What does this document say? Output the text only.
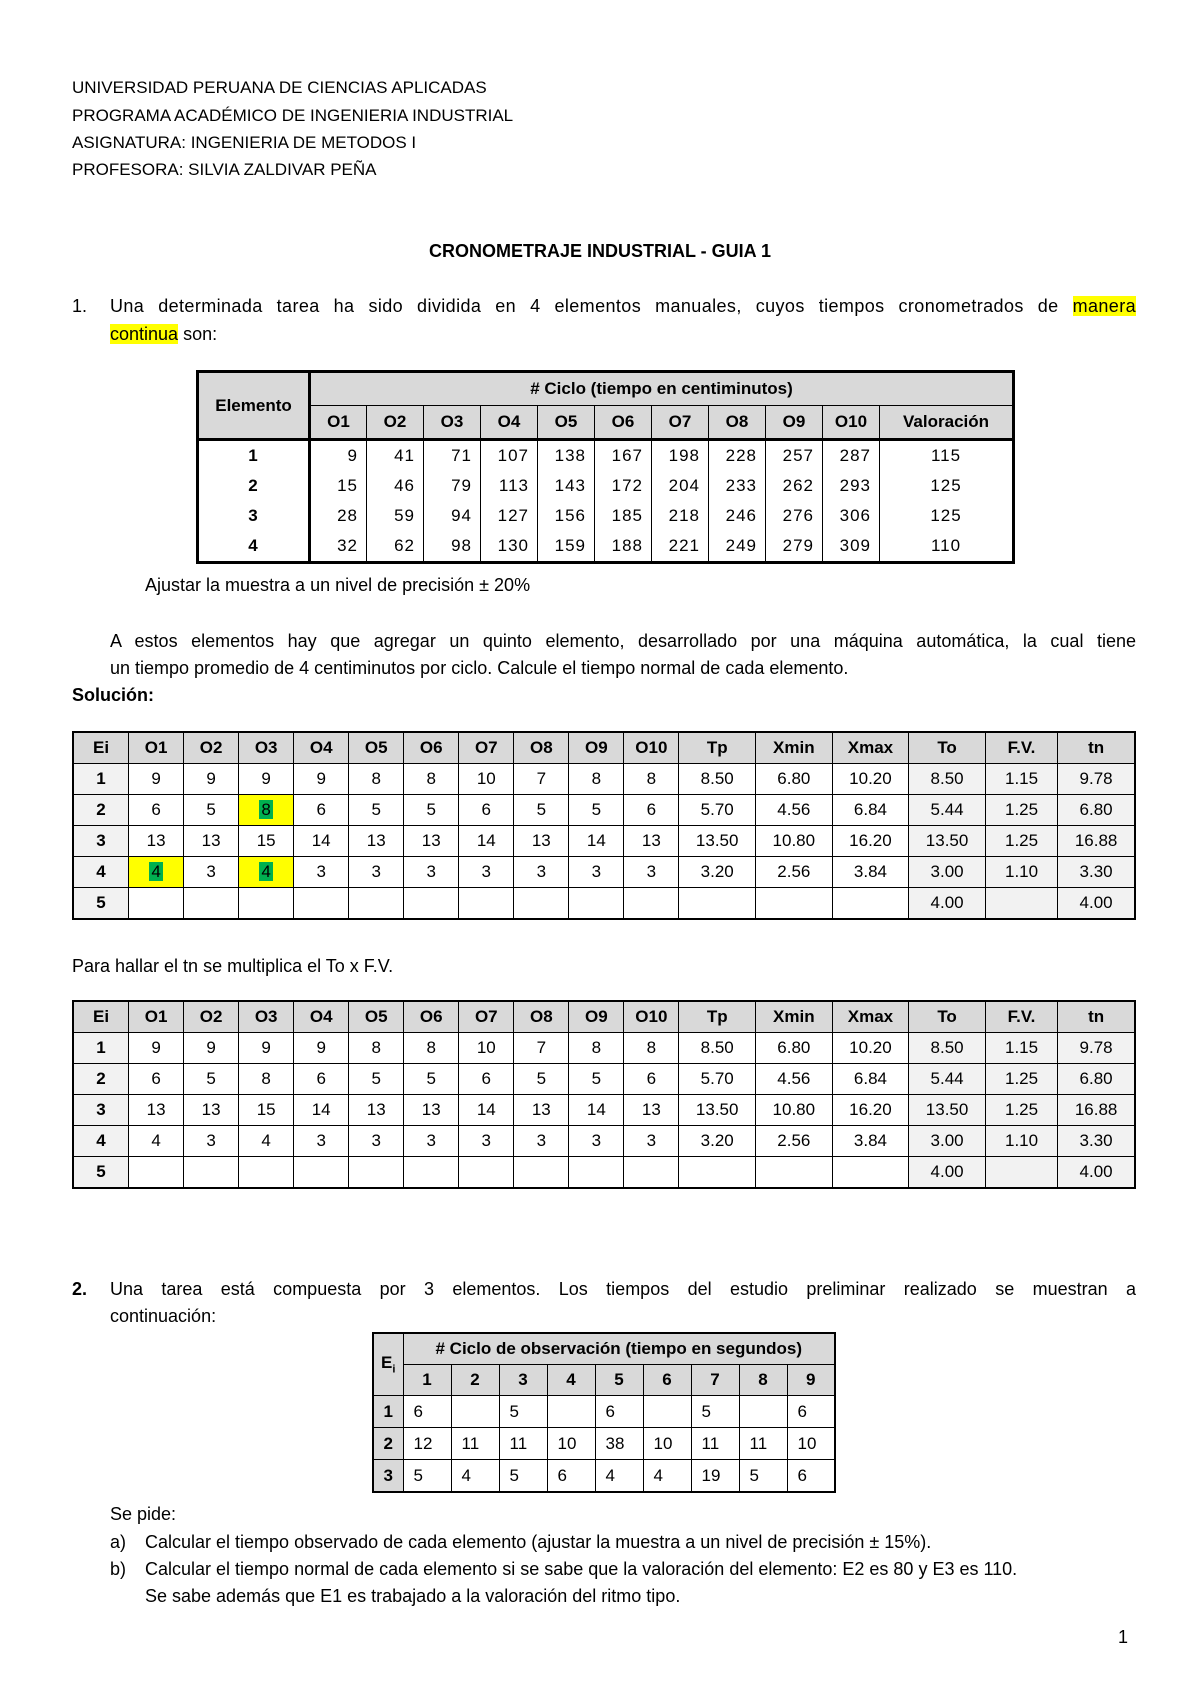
UNIVERSIDAD PERUANA DE CIENCIAS APLICADAS
PROGRAMA ACADÉMICO DE INGENIERIA INDUSTRIAL
ASIGNATURA: INGENIERIA DE METODOS I
PROFESORA: SILVIA ZALDIVAR PEÑA
CRONOMETRAJE INDUSTRIAL - GUIA 1
1. Una determinada tarea ha sido dividida en 4 elementos manuales, cuyos tiempos cronometrados de manera
continua son:
Elemento	# Ciclo (tiempo en centiminutos)										
	O1	O2	O3	O4	O5	O6	O7	O8	O9	O10	Valoración
1	9	41	71	107	138	167	198	228	257	287	115
2	15	46	79	113	143	172	204	233	262	293	125
3	28	59	94	127	156	185	218	246	276	306	125
4	32	62	98	130	159	188	221	249	279	309	110
Ajustar la muestra a un nivel de precisión ± 20%
A estos elementos hay que agregar un quinto elemento, desarrollado por una máquina automática, la cual tiene
un tiempo promedio de 4 centiminutos por ciclo. Calcule el tiempo normal de cada elemento.
Solución:
Ei	O1	O2	O3	O4	O5	O6	O7	O8	O9	O10	Tp	Xmin	Xmax	To	F.V.	tn
1	9	9	9	9	8	8	10	7	8	8	8.50	6.80	10.20	8.50	1.15	9.78
2	6	5	8	6	5	5	6	5	5	6	5.70	4.56	6.84	5.44	1.25	6.80
3	13	13	15	14	13	13	14	13	14	13	13.50	10.80	16.20	13.50	1.25	16.88
4	4	3	4	3	3	3	3	3	3	3	3.20	2.56	3.84	3.00	1.10	3.30
5														4.00		4.00
Para hallar el tn se multiplica el To x F.V.
Ei	O1	O2	O3	O4	O5	O6	O7	O8	O9	O10	Tp	Xmin	Xmax	To	F.V.	tn
1	9	9	9	9	8	8	10	7	8	8	8.50	6.80	10.20	8.50	1.15	9.78
2	6	5	8	6	5	5	6	5	5	6	5.70	4.56	6.84	5.44	1.25	6.80
3	13	13	15	14	13	13	14	13	14	13	13.50	10.80	16.20	13.50	1.25	16.88
4	4	3	4	3	3	3	3	3	3	3	3.20	2.56	3.84	3.00	1.10	3.30
5														4.00		4.00
2. Una tarea está compuesta por 3 elementos. Los tiempos del estudio preliminar realizado se muestran a
continuación:
$E_i$	# Ciclo de observación (tiempo en segundos)								
	1	2	3	4	5	6	7	8	9
1	6		5		6		5		6
2	12	11	11	10	38	10	11	11	10
3	5	4	5	6	4	4	19	5	6
Se pide:
a) Calcular el tiempo observado de cada elemento (ajustar la muestra a un nivel de precisión ± 15%).
b) Calcular el tiempo normal de cada elemento si se sabe que la valoración del elemento: E2 es 80 y E3 es 110.
Se sabe además que E1 es trabajado a la valoración del ritmo tipo.
1
